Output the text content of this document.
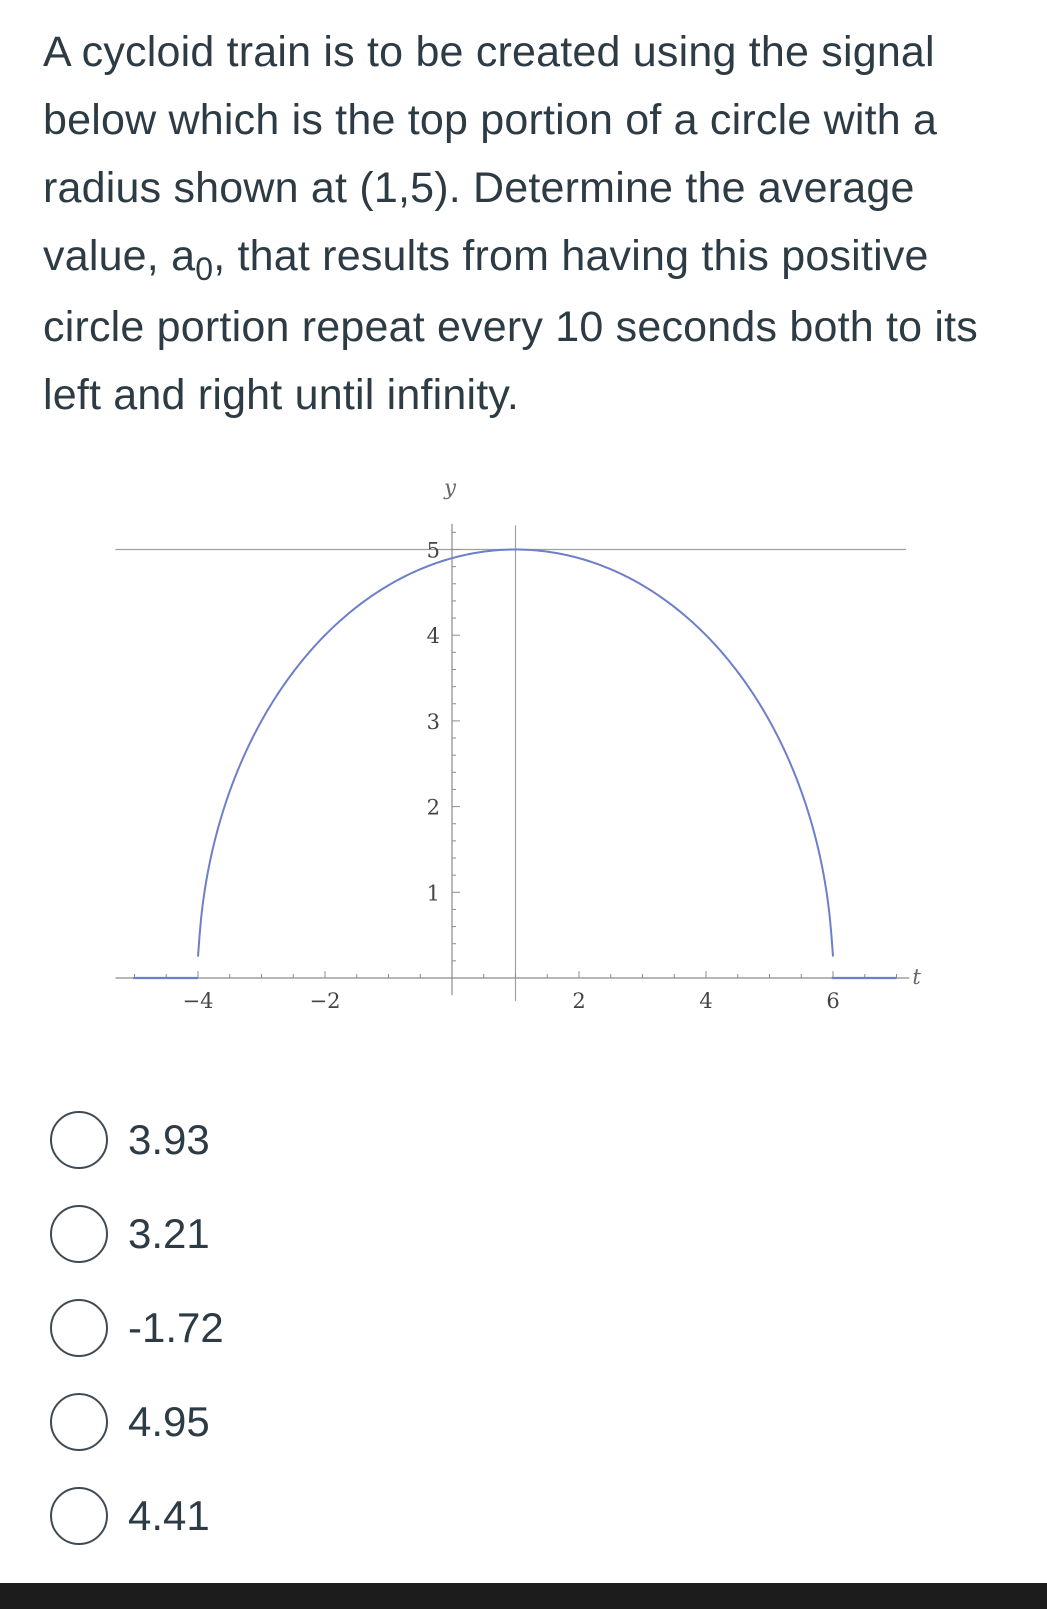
A cycloid train is to be created using the signal below which is the top portion of a circle with a radius shown at (1,5). Determine the average value, $a_0$, that results from having this positive circle portion repeat every 10 seconds both to its left and right until infinity.

−4	−2	2	4	6
1
2
3
4
5
y
t
3.93
3.21
-1.72
4.95
4.41
